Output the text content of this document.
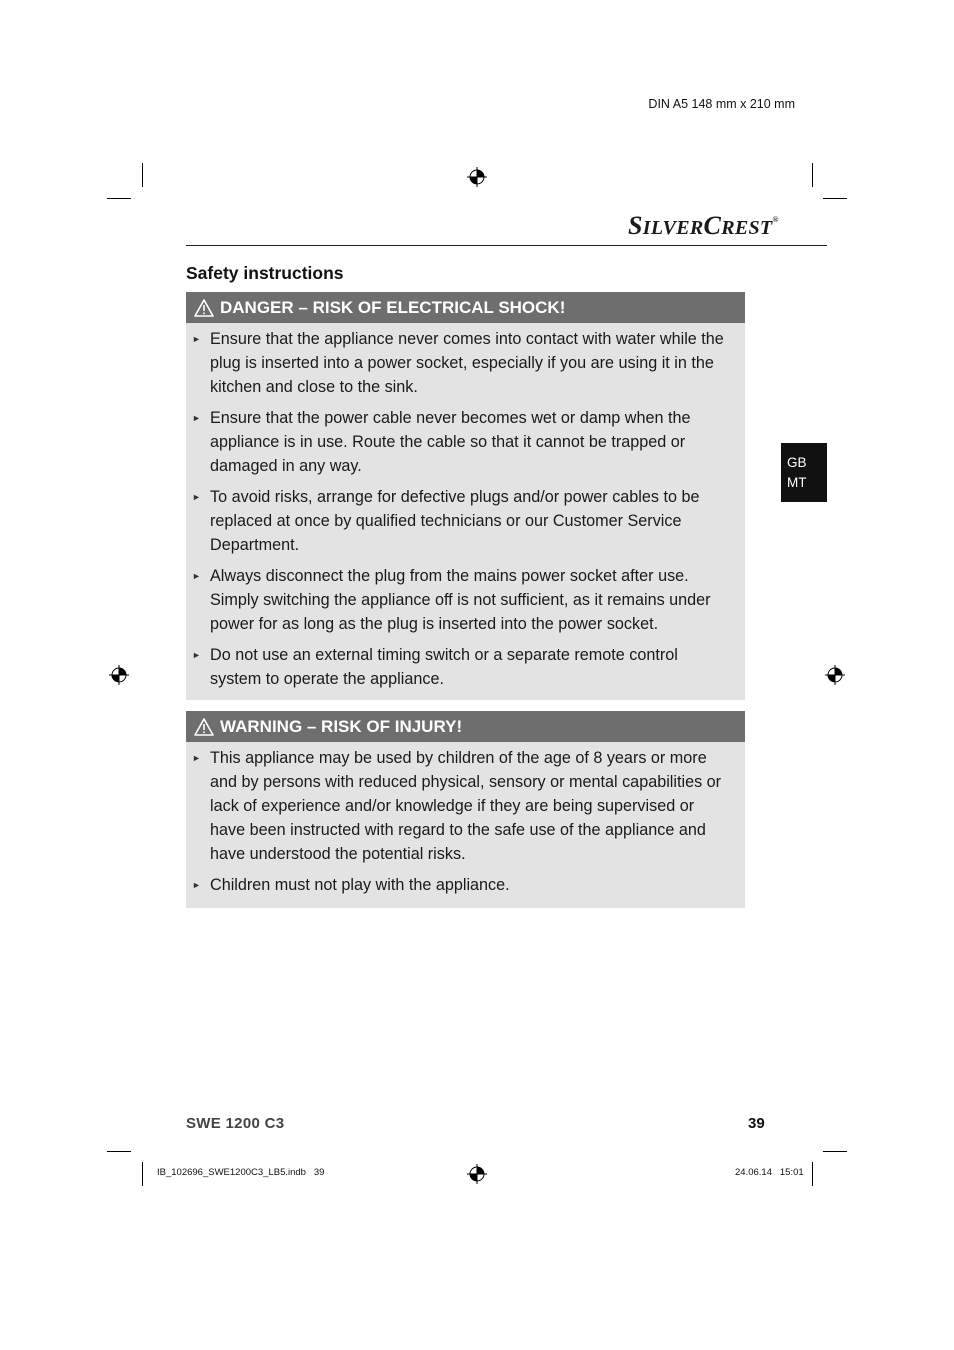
DIN A5 148 mm x 210 mm
SILVERCREST®
Safety instructions
DANGER – RISK OF ELECTRICAL SHOCK!
► Ensure that the appliance never comes into contact with water while the plug is inserted into a power socket, especially if you are using it in the kitchen and close to the sink.
► Ensure that the power cable never becomes wet or damp when the appliance is in use. Route the cable so that it cannot be trapped or damaged in any way.
► To avoid risks, arrange for defective plugs and/or power cables to be replaced at once by qualified technicians or our Customer Service Department.
► Always disconnect the plug from the mains power socket after use. Simply switching the appliance off is not sufficient, as it remains under power for as long as the plug is inserted into the power socket.
► Do not use an external timing switch or a separate remote control system to operate the appliance.
WARNING – RISK OF INJURY!
► This appliance may be used by children of the age of 8 years or more and by persons with reduced physical, sensory or mental capabilities or lack of experience and/or knowledge if they are being supervised or have been instructed with regard to the safe use of the appliance and have understood the potential risks.
► Children must not play with the appliance.
GB
MT
SWE 1200 C3	39
IB_102696_SWE1200C3_LB5.indb   39	24.06.14   15:01
